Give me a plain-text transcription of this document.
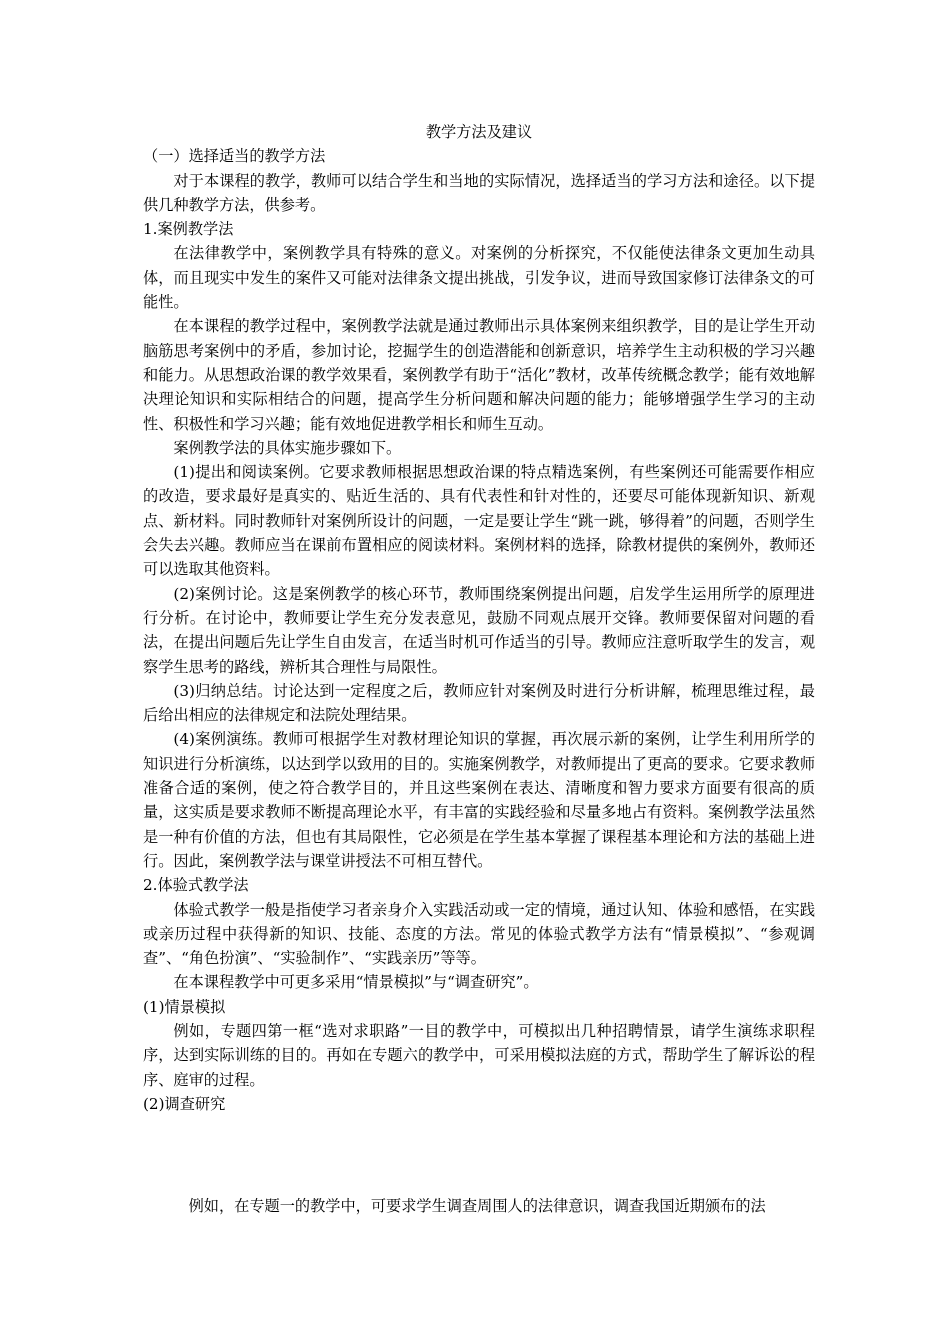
教学方法及建议

（一）选择适当的教学方法

对于本课程的教学，教师可以结合学生和当地的实际情况，选择适当的学习方法和途径。以下提供几种教学方法，供参考。

1.案例教学法

在法律教学中，案例教学具有特殊的意义。对案例的分析探究，不仅能使法律条文更加生动具体，而且现实中发生的案件又可能对法律条文提出挑战，引发争议，进而导致国家修订法律条文的可能性。

在本课程的教学过程中，案例教学法就是通过教师出示具体案例来组织教学，目的是让学生开动脑筋思考案例中的矛盾，参加讨论，挖掘学生的创造潜能和创新意识，培养学生主动积极的学习兴趣和能力。从思想政治课的教学效果看，案例教学有助于“活化”教材，改革传统概念教学；能有效地解决理论知识和实际相结合的问题，提高学生分析问题和解决问题的能力；能够增强学生学习的主动性、积极性和学习兴趣；能有效地促进教学相长和师生互动。

案例教学法的具体实施步骤如下。

(1)提出和阅读案例。它要求教师根据思想政治课的特点精选案例，有些案例还可能需要作相应的改造，要求最好是真实的、贴近生活的、具有代表性和针对性的，还要尽可能体现新知识、新观点、新材料。同时教师针对案例所设计的问题，一定是要让学生“跳一跳，够得着”的问题，否则学生会失去兴趣。教师应当在课前布置相应的阅读材料。案例材料的选择，除教材提供的案例外，教师还可以选取其他资料。

(2)案例讨论。这是案例教学的核心环节，教师围绕案例提出问题，启发学生运用所学的原理进行分析。在讨论中，教师要让学生充分发表意见，鼓励不同观点展开交锋。教师要保留对问题的看法，在提出问题后先让学生自由发言，在适当时机可作适当的引导。教师应注意听取学生的发言，观察学生思考的路线，辨析其合理性与局限性。

(3)归纳总结。讨论达到一定程度之后，教师应针对案例及时进行分析讲解，梳理思维过程，最后给出相应的法律规定和法院处理结果。

(4)案例演练。教师可根据学生对教材理论知识的掌握，再次展示新的案例，让学生利用所学的知识进行分析演练，以达到学以致用的目的。实施案例教学，对教师提出了更高的要求。它要求教师准备合适的案例，使之符合教学目的，并且这些案例在表达、清晰度和智力要求方面要有很高的质量，这实质是要求教师不断提高理论水平，有丰富的实践经验和尽量多地占有资料。案例教学法虽然是一种有价值的方法，但也有其局限性，它必须是在学生基本掌握了课程基本理论和方法的基础上进行。因此，案例教学法与课堂讲授法不可相互替代。

2.体验式教学法

体验式教学一般是指使学习者亲身介入实践活动或一定的情境，通过认知、体验和感悟，在实践或亲历过程中获得新的知识、技能、态度的方法。常见的体验式教学方法有“情景模拟”、“参观调查”、“角色扮演”、“实验制作”、“实践亲历”等等。

在本课程教学中可更多采用“情景模拟”与“调查研究”。

(1)情景模拟

例如，专题四第一框“选对求职路”一目的教学中，可模拟出几种招聘情景，请学生演练求职程序，达到实际训练的目的。再如在专题六的教学中，可采用模拟法庭的方式，帮助学生了解诉讼的程序、庭审的过程。

(2)调查研究

例如，在专题一的教学中，可要求学生调查周围人的法律意识，调查我国近期颁布的法
